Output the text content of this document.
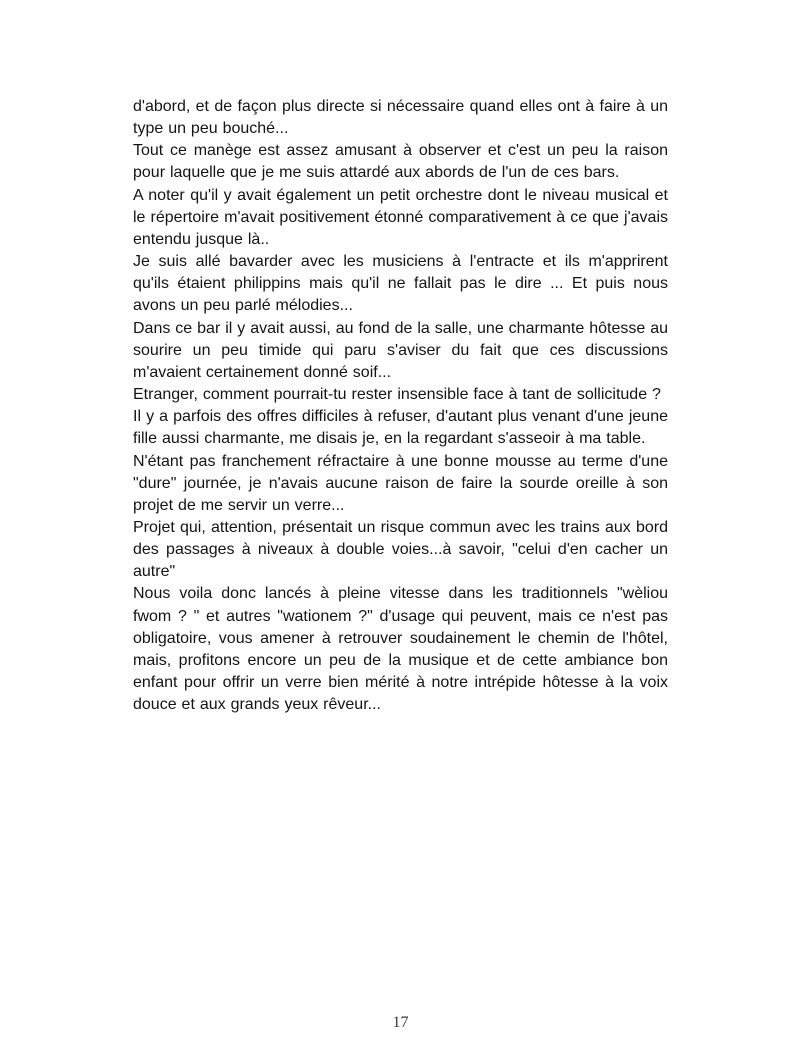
d'abord, et de façon plus directe si nécessaire quand elles ont à faire à un type un peu bouché...

Tout ce manège est assez amusant à observer et c'est un peu la raison pour laquelle que je me suis attardé aux abords de l'un de ces bars.

A noter qu'il y avait également un petit orchestre dont le niveau musical et le répertoire m'avait positivement étonné comparativement à ce que j'avais entendu jusque là..

Je suis allé bavarder avec les musiciens à l'entracte et ils m'apprirent qu'ils étaient philippins mais qu'il ne fallait pas le dire ... Et puis nous avons un peu parlé mélodies...

Dans ce bar il y avait aussi, au fond de la salle, une charmante hôtesse au sourire un peu timide qui paru s'aviser du fait que ces discussions m'avaient certainement donné soif...

Etranger, comment pourrait-tu rester insensible face à tant de sollicitude ?

Il y a parfois des offres difficiles à refuser, d'autant plus venant d'une jeune fille aussi charmante, me disais je, en la regardant s'asseoir à ma table.

N'étant pas franchement réfractaire à une bonne mousse au terme d'une "dure" journée, je n'avais aucune raison de faire la sourde oreille à son projet de me servir un verre...

Projet qui, attention, présentait un risque commun avec les trains aux bord des passages à niveaux à double voies...à savoir, "celui d'en cacher un autre"

Nous voila donc lancés à pleine vitesse dans les traditionnels "wèliou fwom ? " et autres "wationem ?" d'usage qui peuvent, mais ce n'est pas obligatoire, vous amener à retrouver soudainement le chemin de l'hôtel, mais, profitons encore un peu de la musique et de cette ambiance bon enfant pour offrir un verre bien mérité à notre intrépide hôtesse à la voix douce et aux grands yeux rêveur...

17
